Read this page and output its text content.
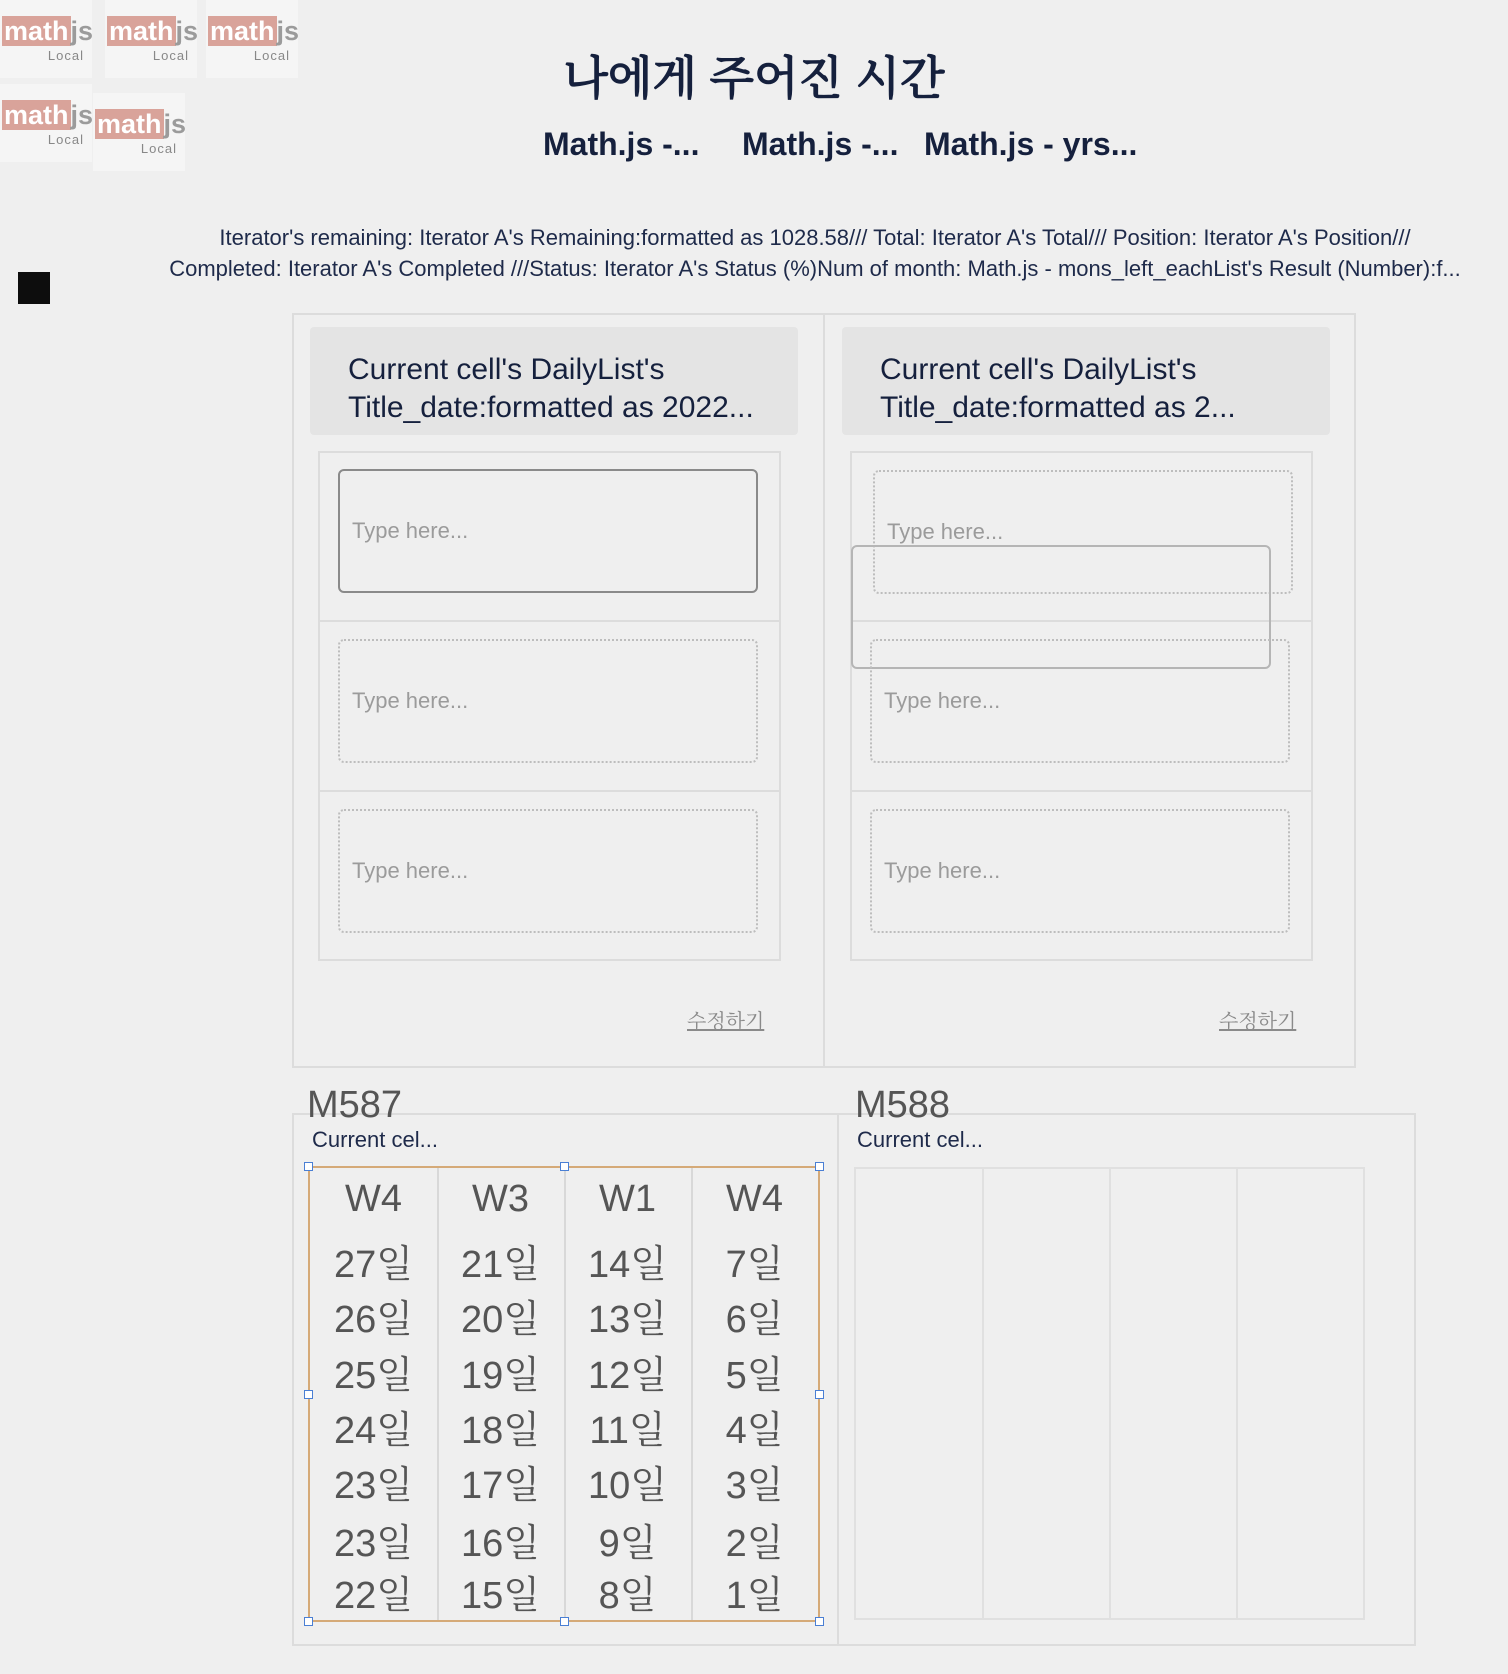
mathjs
Local
mathjs
Local
mathjs
Local
mathjs
Local
mathjs
Local
나에게 주어진 시간
Math.js -... Math.js -... Math.js - yrs...
Iterator's remaining: Iterator A's Remaining:formatted as 1028.58/// Total: Iterator A's Total/// Position: Iterator A's Position///
Completed: Iterator A's Completed ///Status: Iterator A's Status (%)Num of month: Math.js - mons_left_eachList's Result (Number):f...
Current cell's DailyList's
Title_date:formatted as 2022...
Type here...
Type here...
Type here...
수정하기
Current cell's DailyList's
Title_date:formatted as 2...
Type here...
Type here...
Type here...
수정하기
M587
Current cel...
M588
Current cel...
W4
27일
26일
25일
24일
23일
23일
22일
W3
21일
20일
19일
18일
17일
16일
15일
W1
14일
13일
12일
11일
10일
9일
8일
W4
7일
6일
5일
4일
3일
2일
1일
